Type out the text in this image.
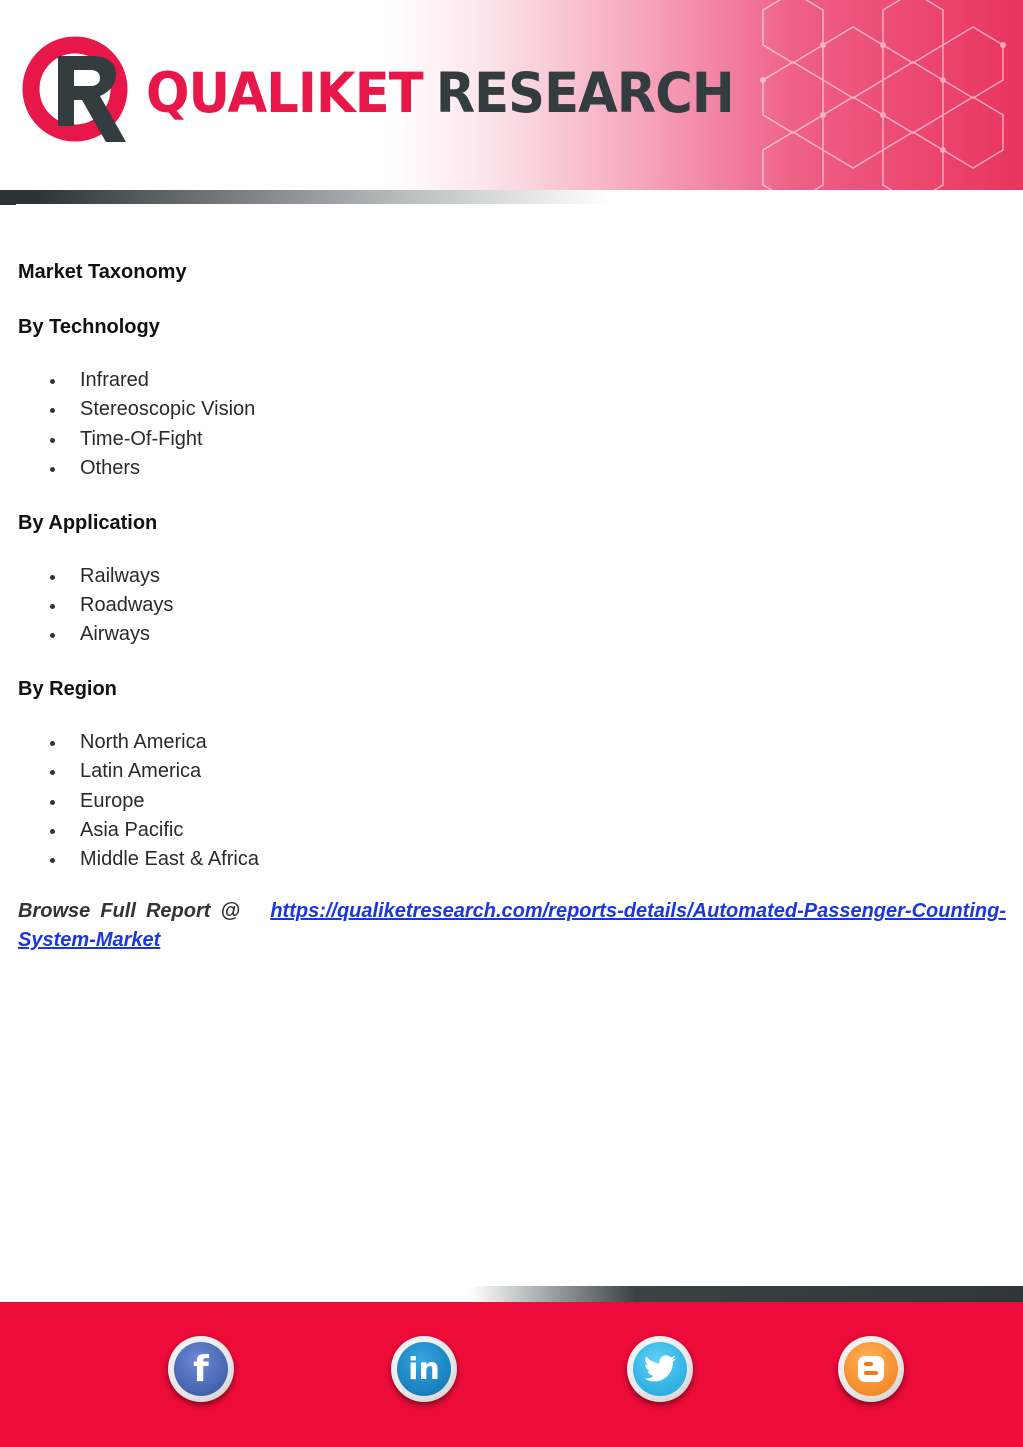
QUALIKET RESEARCH
Market Taxonomy
By Technology
Infrared
Stereoscopic Vision
Time-Of-Fight
Others
By Application
Railways
Roadways
Airways
By Region
North America
Latin America
Europe
Asia Pacific
Middle East & Africa

Browse Full Report @ https://qualiketresearch.com/reports-details/Automated-Passenger-Counting-System-Market

f	in
